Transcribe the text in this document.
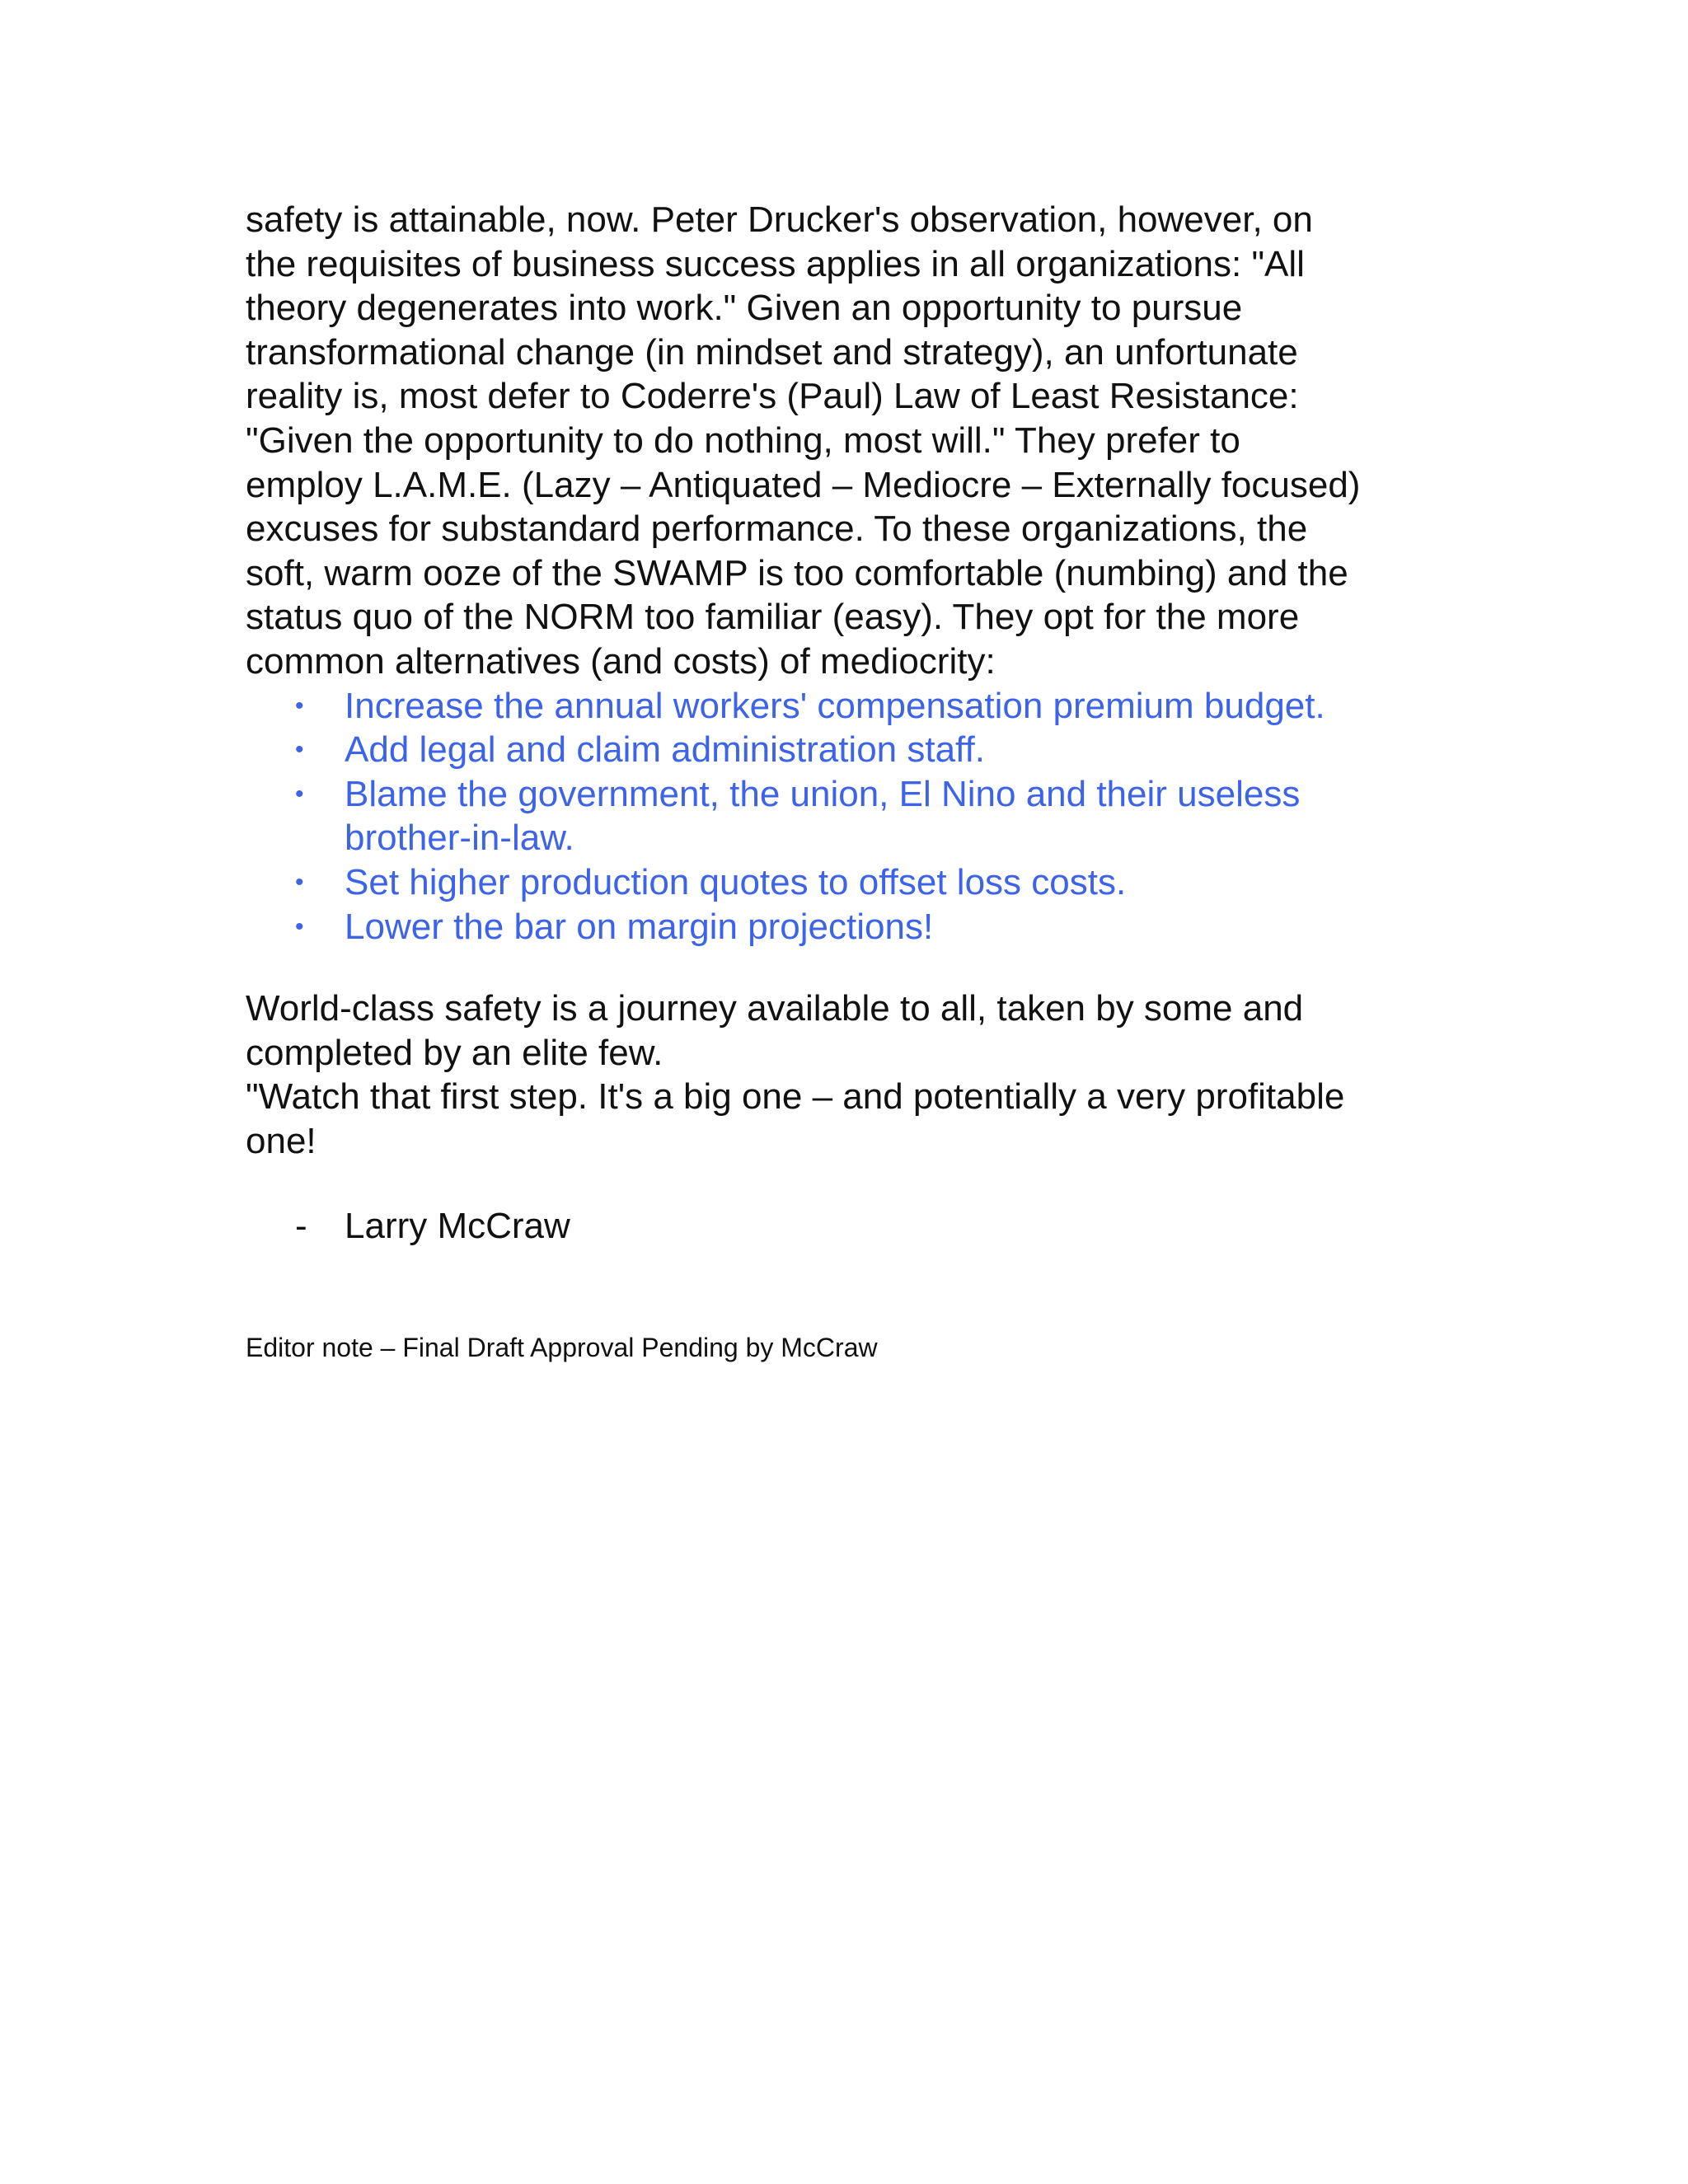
safety is attainable, now. Peter Drucker's observation, however, on
the requisites of business success applies in all organizations: "All
theory degenerates into work." Given an opportunity to pursue
transformational change (in mindset and strategy), an unfortunate
reality is, most defer to Coderre's (Paul) Law of Least Resistance:
"Given the opportunity to do nothing, most will." They prefer to
employ L.A.M.E. (Lazy – Antiquated – Mediocre – Externally focused)
excuses for substandard performance. To these organizations, the
soft, warm ooze of the SWAMP is too comfortable (numbing) and the
status quo of the NORM too familiar (easy). They opt for the more
common alternatives (and costs) of mediocrity:
• Increase the annual workers' compensation premium budget.
• Add legal and claim administration staff.
• Blame the government, the union, El Nino and their useless
brother-in-law.
• Set higher production quotes to offset loss costs.
• Lower the bar on margin projections!
World-class safety is a journey available to all, taken by some and
completed by an elite few.
"Watch that first step. It's a big one – and potentially a very profitable
one!
- Larry McCraw
Editor note – Final Draft Approval Pending by McCraw
